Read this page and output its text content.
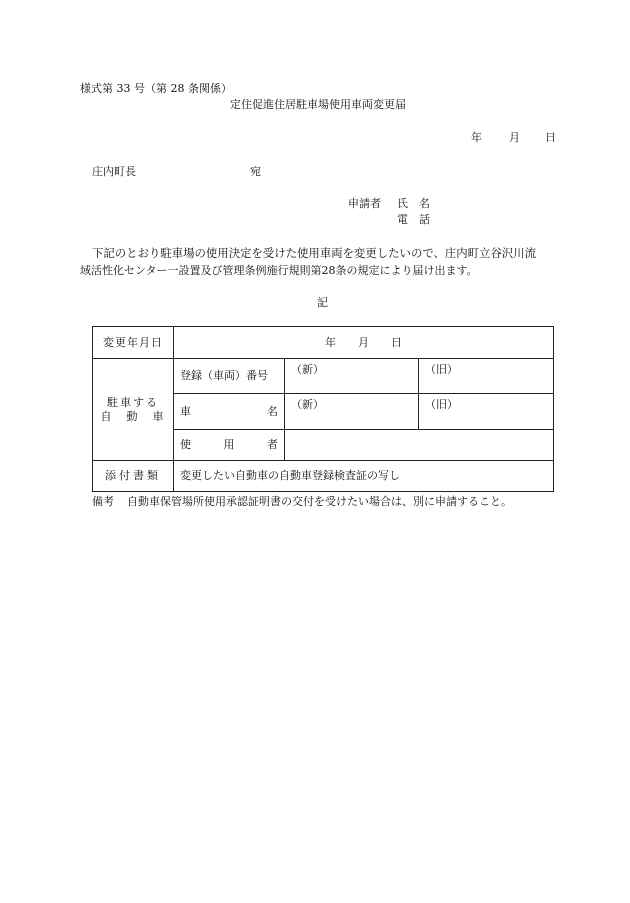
様式第 33 号（第 28 条関係）
定住促進住居駐車場使用車両変更届
年 月 日
庄内町長	宛
申請者 氏　名
電　話
下記のとおり駐車場の使用決定を受けた使用車両を変更したいので、庄内町立谷沢川流
域活性化センター一設置及び管理条例施行規則第28条の規定により届け出ます。
記
変更年月日	年　　月　　日		

駐車する
自　動　車	登録（車両）番号	（新）	（旧）

	車 名	（新）	（旧）

	使 用 者		

添付書類	変更したい自動車の自動車登録検査証の写し		
備考 自動車保管場所使用承認証明書の交付を受けたい場合は、別に申請すること。
